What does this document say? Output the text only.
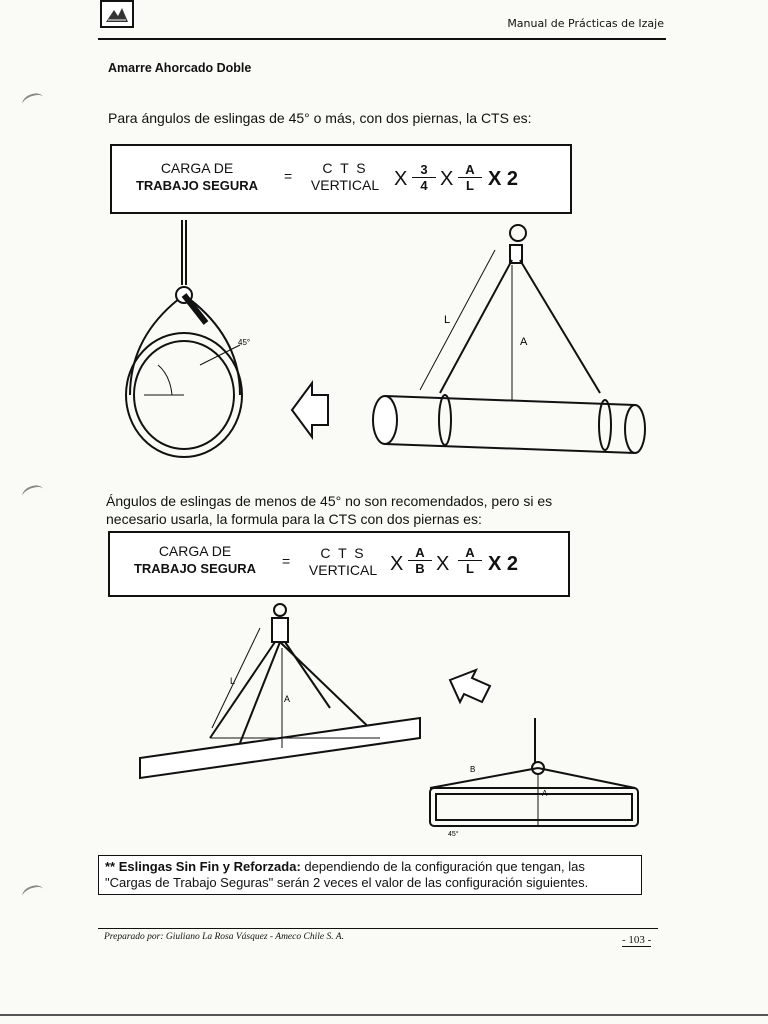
Manual de Prácticas de Izaje
Amarre Ahorcado Doble
Para ángulos de eslingas de 45° o más, con dos piernas, la CTS es:
CARGA DE
TRABAJO SEGURA
=	C T S
VERTICAL X $\frac{3}{4}$ X $\frac{A}{L}$ X 2
45°
L
A
Ángulos de eslingas de menos de 45° no son recomendados, pero si es
necesario usarla, la formula para la CTS con dos piernas es:
CARGA DE
TRABAJO SEGURA	=	C T S
VERTICAL X $\frac{A}{B}$ X $\frac{A}{L}$ X 2
L
A
B
A
45°
** Eslingas Sin Fin y Reforzada: dependiendo de la configuración que tengan, las
"Cargas de Trabajo Seguras" serán 2 veces el valor de las configuración siguientes.
Preparado por: Giuliano La Rosa Vásquez - Ameco Chile S. A.	- 103 -
